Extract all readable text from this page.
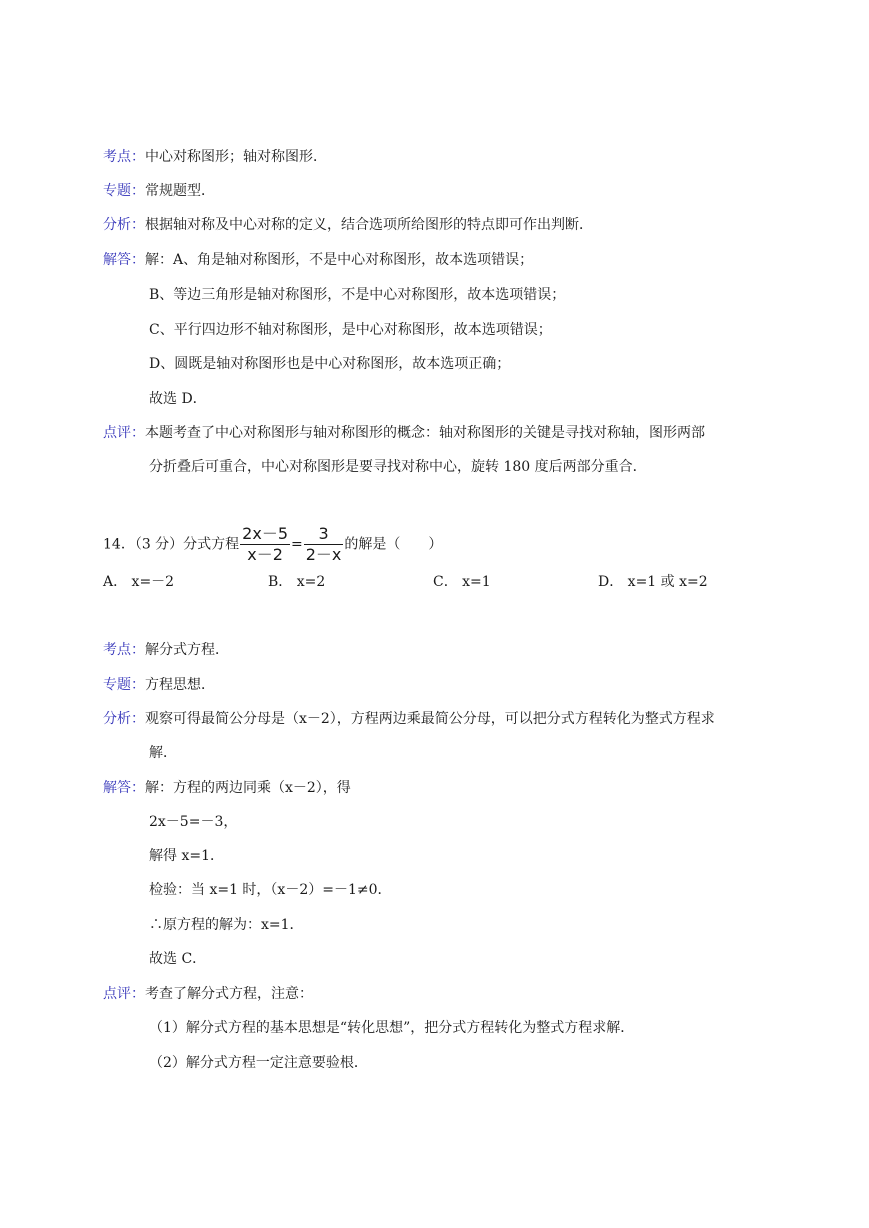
考点：中心对称图形；轴对称图形．
专题：常规题型．
分析：根据轴对称及中心对称的定义，结合选项所给图形的特点即可作出判断．
解答：解：A、角是轴对称图形，不是中心对称图形，故本选项错误；
B、等边三角形是轴对称图形，不是中心对称图形，故本选项错误；
C、平行四边形不轴对称图形，是中心对称图形，故本选项错误；
D、圆既是轴对称图形也是中心对称图形，故本选项正确；
故选 D．
点评：本题考查了中心对称图形与轴对称图形的概念：轴对称图形的关键是寻找对称轴，图形两部
分折叠后可重合，中心对称图形是要寻找对称中心，旋转 180 度后两部分重合．
14．（3 分）分式方程 $\frac{2x-5}{x-2} = \frac{3}{2-x}$ 的解是（　　）
A． x=－2	B． x=2	C． x=1	D． x=1 或 x=2
考点：解分式方程．
专题：方程思想．
分析：观察可得最简公分母是（x－2），方程两边乘最简公分母，可以把分式方程转化为整式方程求
解．
解答：解：方程的两边同乘（x－2），得
2x－5=－3，
解得 x=1．
检验：当 x=1 时，（x－2）=－1≠0．
∴原方程的解为：x=1．
故选 C．
点评：考查了解分式方程，注意：
（1）解分式方程的基本思想是“转化思想”，把分式方程转化为整式方程求解．
（2）解分式方程一定注意要验根．
